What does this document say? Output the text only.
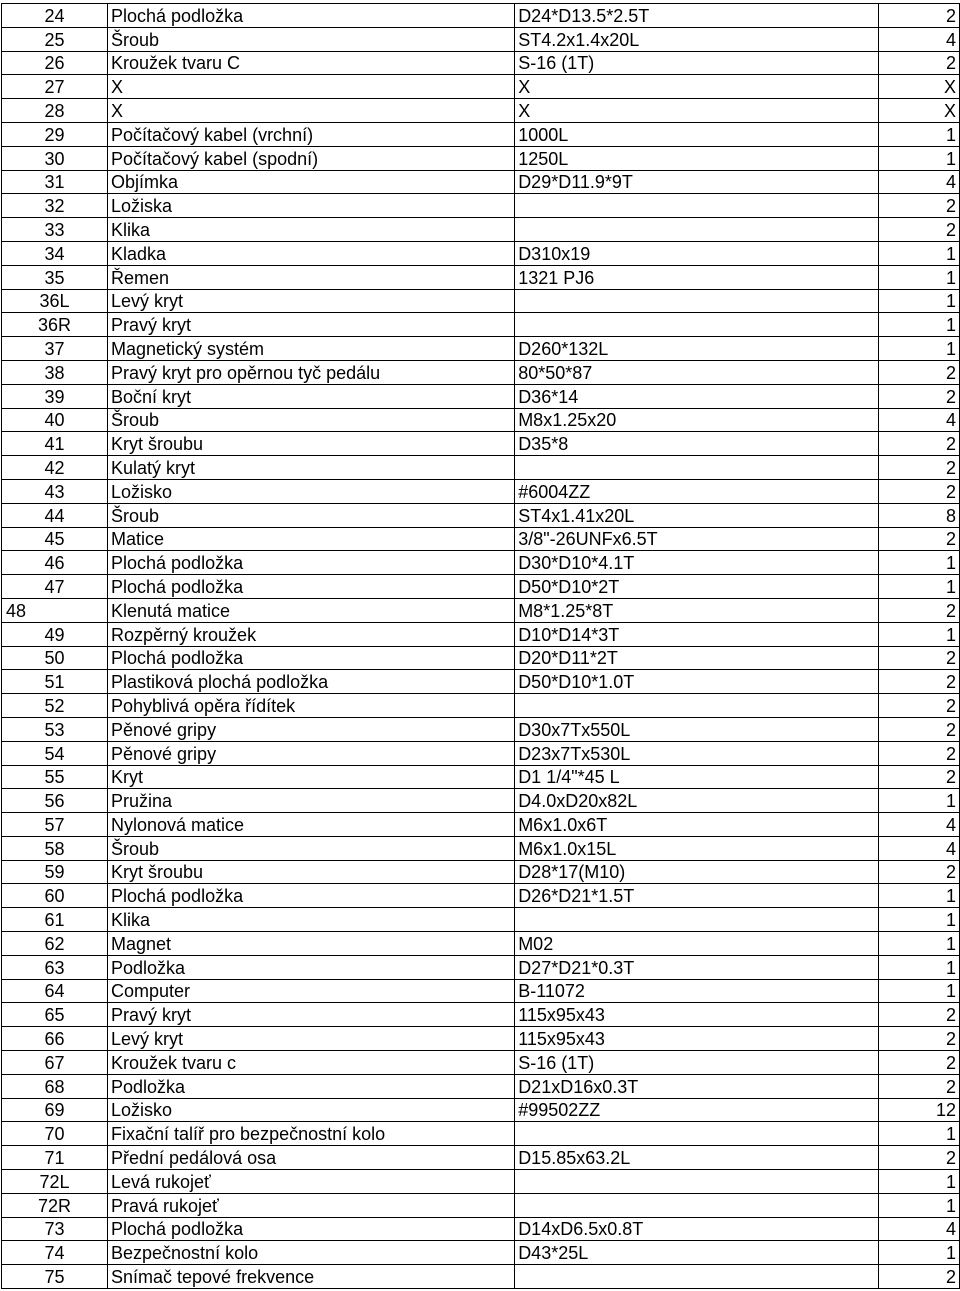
24	Plochá podložka	D24*D13.5*2.5T	2
25	Šroub	ST4.2x1.4x20L	4
26	Kroužek tvaru C	S-16 (1T)	2
27	X	X	X
28	X	X	X
29	Počítačový kabel (vrchní)	1000L	1
30	Počítačový kabel (spodní)	1250L	1
31	Objímka	D29*D11.9*9T	4
32	Ložiska		2
33	Klika		2
34	Kladka	D310x19	1
35	Řemen	1321 PJ6	1
36L	Levý kryt		1
36R	Pravý kryt		1
37	Magnetický systém	D260*132L	1
38	Pravý kryt pro opěrnou tyč pedálu	80*50*87	2
39	Boční kryt	D36*14	2
40	Šroub	M8x1.25x20	4
41	Kryt šroubu	D35*8	2
42	Kulatý kryt		2
43	Ložisko	#6004ZZ	2
44	Šroub	ST4x1.41x20L	8
45	Matice	3/8"-26UNFx6.5T	2
46	Plochá podložka	D30*D10*4.1T	1
47	Plochá podložka	D50*D10*2T	1
48	Klenutá matice	M8*1.25*8T	2
49	Rozpěrný kroužek	D10*D14*3T	1
50	Plochá podložka	D20*D11*2T	2
51	Plastiková plochá podložka	D50*D10*1.0T	2
52	Pohyblivá opěra řídítek		2
53	Pěnové gripy	D30x7Tx550L	2
54	Pěnové gripy	D23x7Tx530L	2
55	Kryt	D1 1/4"*45 L	2
56	Pružina	D4.0xD20x82L	1
57	Nylonová matice	M6x1.0x6T	4
58	Šroub	M6x1.0x15L	4
59	Kryt šroubu	D28*17(M10)	2
60	Plochá podložka	D26*D21*1.5T	1
61	Klika		1
62	Magnet	M02	1
63	Podložka	D27*D21*0.3T	1
64	Computer	B-11072	1
65	Pravý kryt	115x95x43	2
66	Levý kryt	115x95x43	2
67	Kroužek tvaru c	S-16 (1T)	2
68	Podložka	D21xD16x0.3T	2
69	Ložisko	#99502ZZ	12
70	Fixační talíř pro bezpečnostní kolo		1
71	Přední pedálová osa	D15.85x63.2L	2
72L	Levá rukojeť		1
72R	Pravá rukojeť		1
73	Plochá podložka	D14xD6.5x0.8T	4
74	Bezpečnostní kolo	D43*25L	1
75	Snímač tepové frekvence		2
